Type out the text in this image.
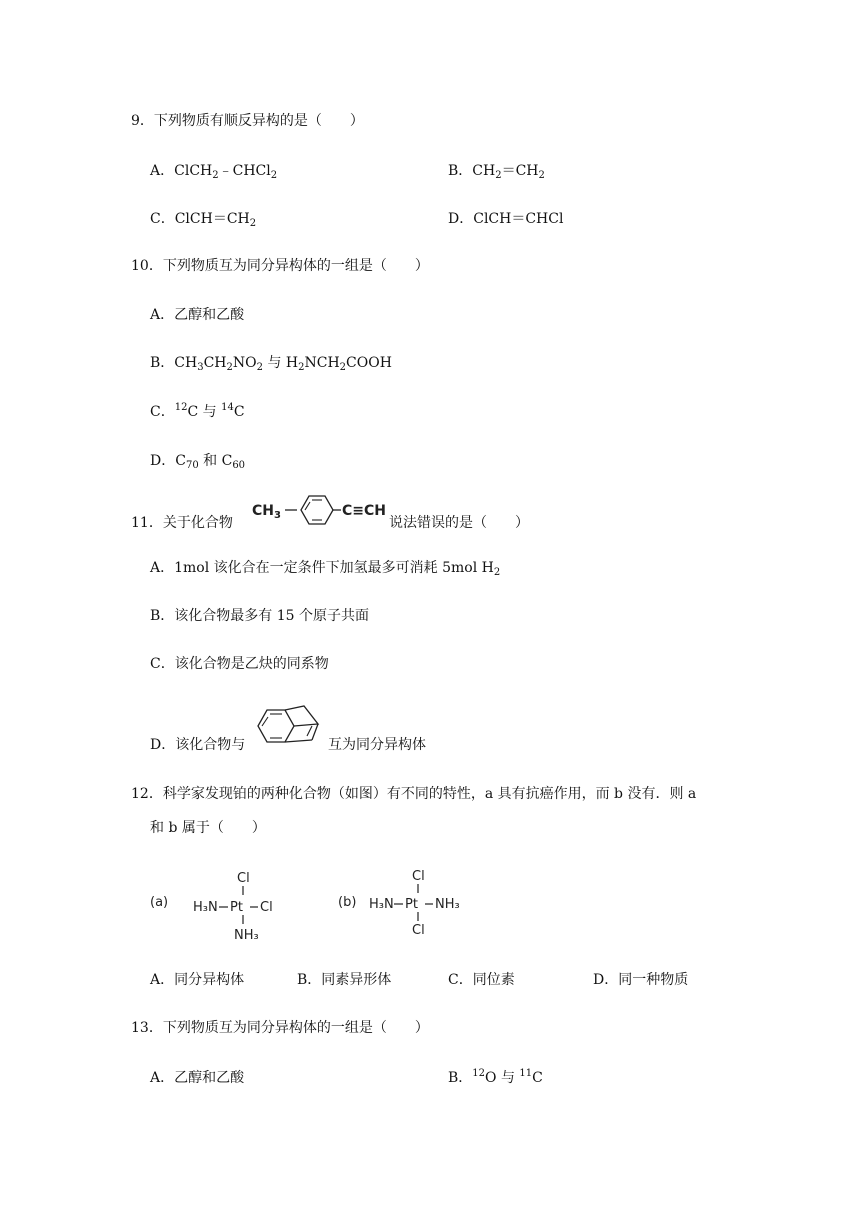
9．下列物质有顺反异构的是（　　）
A．ClCH$_2$﹣CHCl$_2$	B．$CH_2=CH_2$
C．$ClCH=CH_2$	D．ClCH＝CHCl
10．下列物质互为同分异构体的一组是（　　）
A．乙醇和乙酸
B．$CH_3CH_2NO_2$ 与 $H_2NCH_2COOH$
C．$^{12}$C 与 $^{14}$C
D．$C_{70}$ 和 $C_{60}$
11．关于化合物
$CH_3$	C≡CH
说法错误的是（　　）
A．1mol 该化合在一定条件下加氢最多可消耗 5mol $H_2$
B．该化合物最多有 15 个原子共面
C．该化合物是乙炔的同系物
D．该化合物与	互为同分异构体
12．科学家发现铂的两种化合物（如图）有不同的特性，a 具有抗癌作用，而 b 没有．则 a
和 b 属于（　　）
(a)
Cl
H₃N Pt Cl
NH₃
(b)
Cl
H₃N Pt NH₃
Cl
A．同分异构体	B．同素异形体	C．同位素	D．同一种物质
13．下列物质互为同分异构体的一组是（　　）
A．乙醇和乙酸	B．$^{12}$O 与 $^{11}$C
